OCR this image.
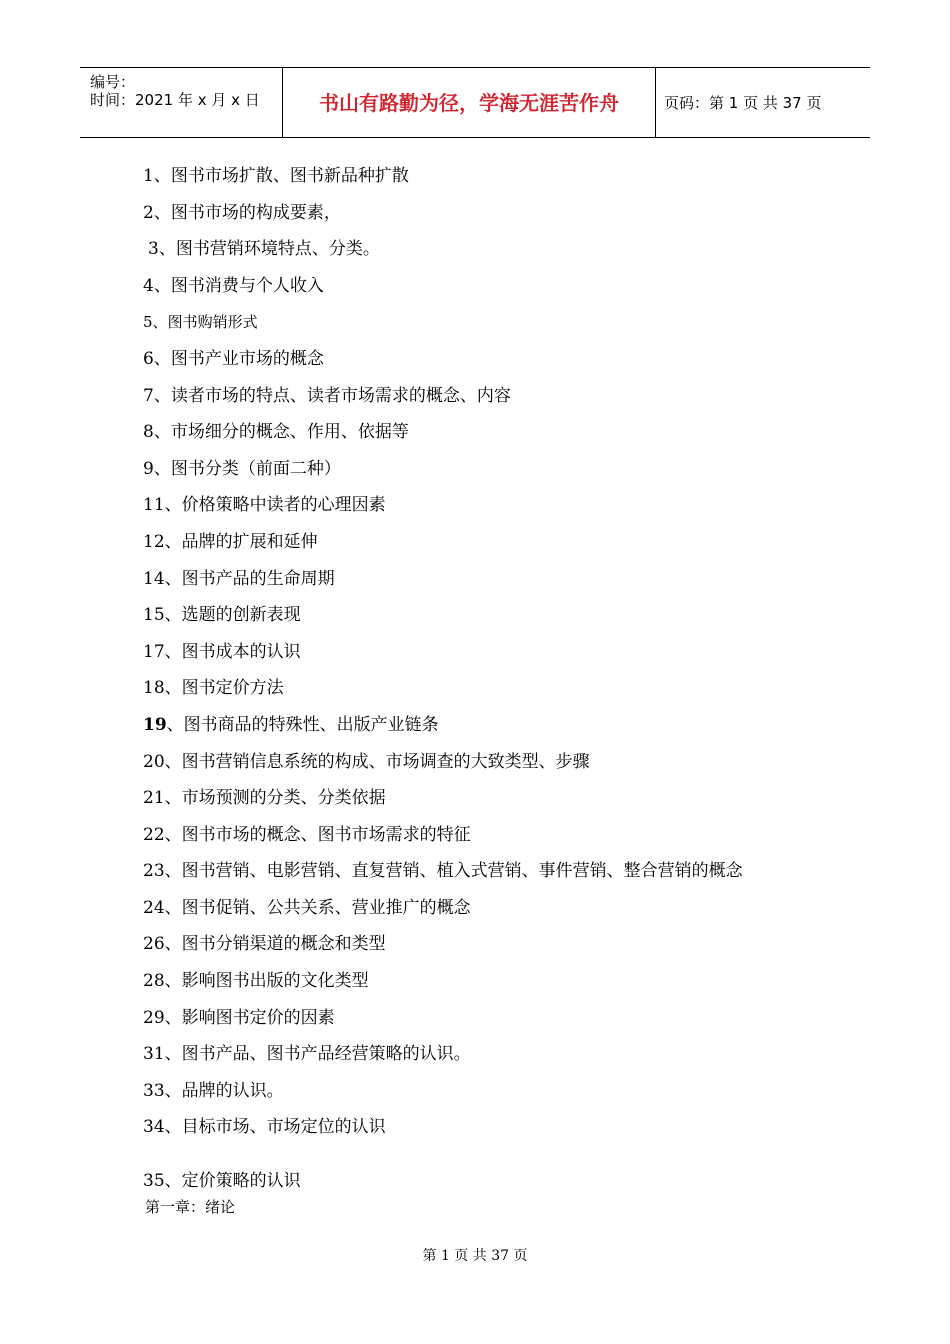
编号：
时间：2021 年 x 月 x 日	书山有路勤为径，学海无涯苦作舟	页码：第 1 页 共 37 页
1、图书市场扩散、图书新品种扩散
2、图书市场的构成要素，
3、图书营销环境特点、分类。
4、图书消费与个人收入
5、图书购销形式
6、图书产业市场的概念
7、读者市场的特点、读者市场需求的概念、内容
8、市场细分的概念、作用、依据等
9、图书分类（前面二种）
11、价格策略中读者的心理因素
12、品牌的扩展和延伸
14、图书产品的生命周期
15、选题的创新表现
17、图书成本的认识
18、图书定价方法
19、图书商品的特殊性、出版产业链条
20、图书营销信息系统的构成、市场调查的大致类型、步骤
21、市场预测的分类、分类依据
22、图书市场的概念、图书市场需求的特征
23、图书营销、电影营销、直复营销、植入式营销、事件营销、整合营销的概念
24、图书促销、公共关系、营业推广的概念
26、图书分销渠道的概念和类型
28、影响图书出版的文化类型
29、影响图书定价的因素
31、图书产品、图书产品经营策略的认识。
33、品牌的认识。
34、目标市场、市场定位的认识
35、定价策略的认识
第一章：绪论
第 1 页 共 37 页
